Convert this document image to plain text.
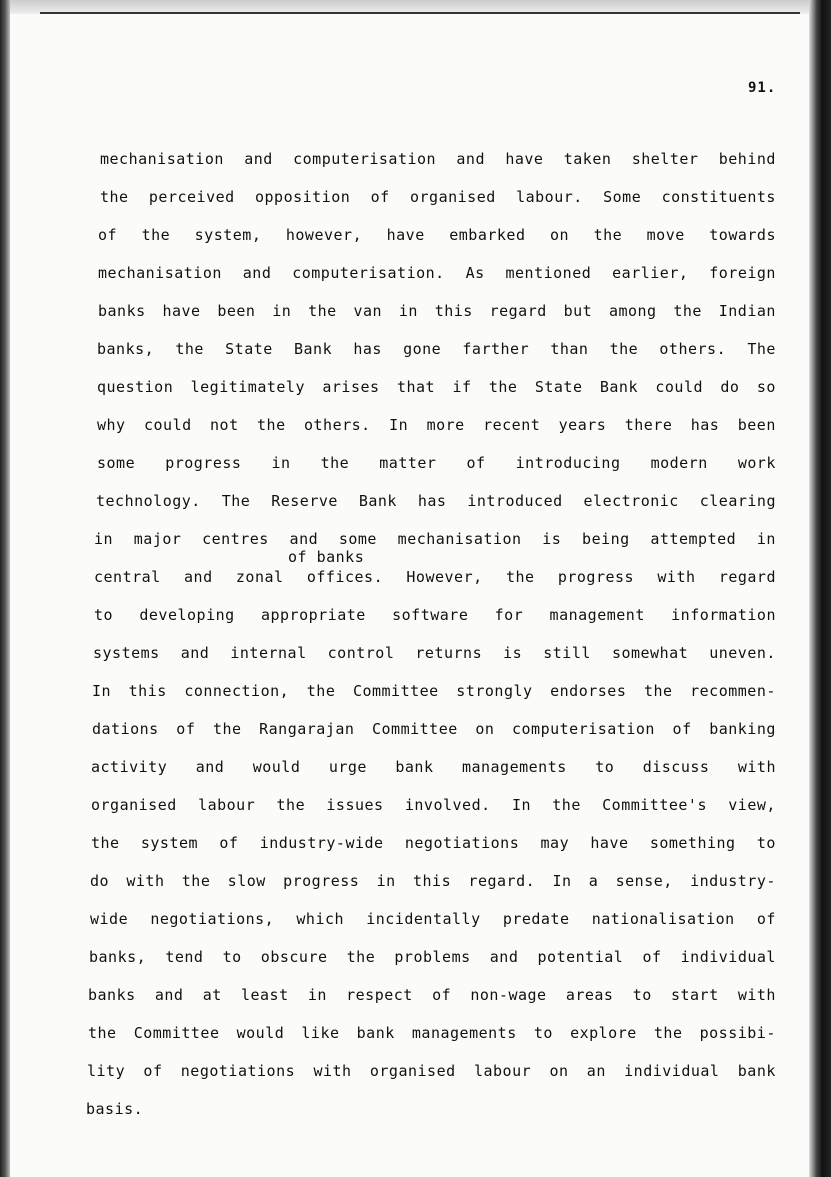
91.
mechanisation and computerisation and have taken shelter behind
the perceived opposition of organised labour. Some constituents
of the system, however, have embarked on the move towards
mechanisation and computerisation. As mentioned earlier, foreign
banks have been in the van in this regard but among the Indian
banks, the State Bank has gone farther than the others. The
question legitimately arises that if the State Bank could do so
why could not the others. In more recent years there has been
some progress in the matter of introducing modern work
technology. The Reserve Bank has introduced electronic clearing
in major centres and some mechanisation is being attempted in
central and zonal offices. However, the progress with regard
to developing appropriate software for management information
systems and internal control returns is still somewhat uneven.
In this connection, the Committee strongly endorses the recommen-
dations of the Rangarajan Committee on computerisation of banking
activity and would urge bank managements to discuss with
organised labour the issues involved. In the Committee's view,
the system of industry-wide negotiations may have something to
do with the slow progress in this regard. In a sense, industry-
wide negotiations, which incidentally predate nationalisation of
banks, tend to obscure the problems and potential of individual
banks and at least in respect of non-wage areas to start with
the Committee would like bank managements to explore the possibi-
lity of negotiations with organised labour on an individual bank
basis.
of banks
